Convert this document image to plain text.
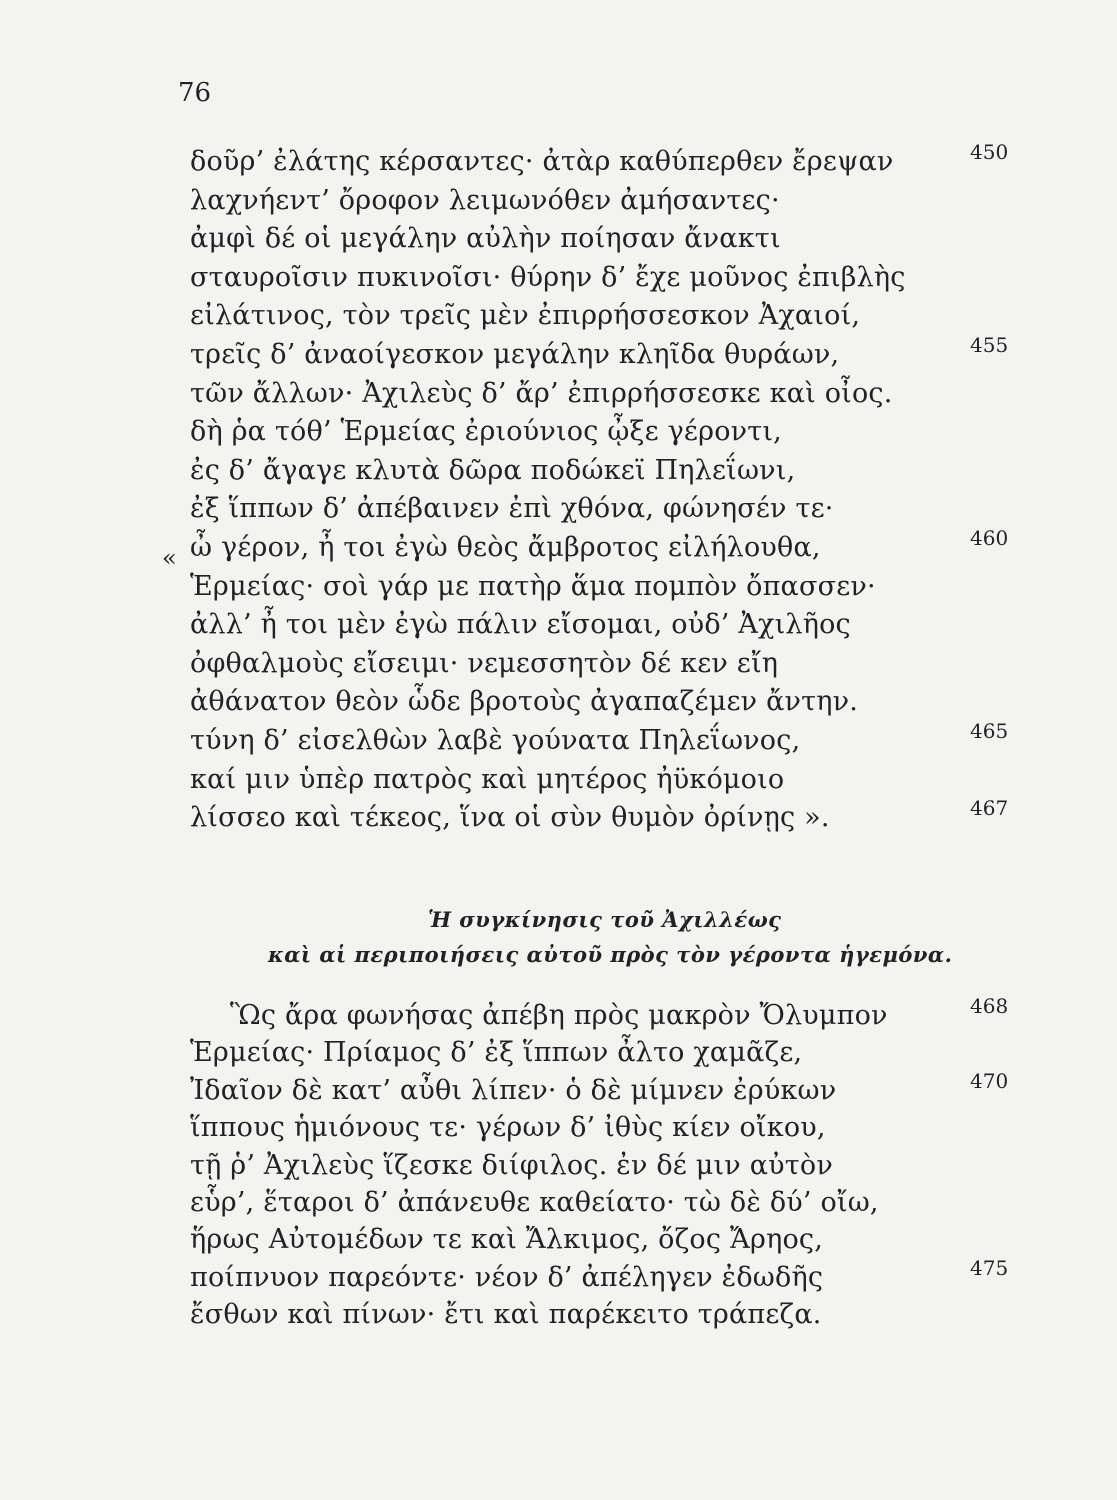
76
«
δοῦρ’ ἐλάτης κέρσαντες· ἀτὰρ καθύπερθεν ἔρεψαν	450
λαχνήεντ’ ὄροφον λειμωνόθεν ἀμήσαντες·
ἀμφὶ δέ οἱ μεγάλην αὐλὴν ποίησαν ἄνακτι
σταυροῖσιν πυκινοῖσι· θύρην δ’ ἔχε μοῦνος ἐπιβλὴς
εἰλάτινος, τὸν τρεῖς μὲν ἐπιρρήσσεσκον Ἀχαιοί,
τρεῖς δ’ ἀναοίγεσκον μεγάλην κληῖδα θυράων,	455
τῶν ἄλλων· Ἀχιλεὺς δ’ ἄρ’ ἐπιρρήσσεσκε καὶ οἶος.
δὴ ῥα τόθ’ Ἑρμείας ἐριούνιος ᾦξε γέροντι,
ἐς δ’ ἄγαγε κλυτὰ δῶρα ποδώκεϊ Πηλεΐωνι,
ἐξ ἵππων δ’ ἀπέβαινεν ἐπὶ χθόνα, φώνησέν τε·
ὦ γέρον, ἦ τοι ἐγὼ θεὸς ἄμβροτος εἰλήλουθα,	460
Ἑρμείας· σοὶ γάρ με πατὴρ ἅμα πομπὸν ὄπασσεν·
ἀλλ’ ἦ τοι μὲν ἐγὼ πάλιν εἴσομαι, οὐδ’ Ἀχιλῆος
ὀφθαλμοὺς εἴσειμι· νεμεσσητὸν δέ κεν εἴη
ἀθάνατον θεὸν ὧδε βροτοὺς ἀγαπαζέμεν ἄντην.
τύνη δ’ εἰσελθὼν λαβὲ γούνατα Πηλεΐωνος,	465
καί μιν ὑπὲρ πατρὸς καὶ μητέρος ἠϋκόμοιο
λίσσεο καὶ τέκεος, ἵνα οἱ σὺν θυμὸν ὀρίνῃς ».	467
Ἡ συγκίνησις τοῦ Ἀχιλλέως
καὶ αἱ περιποιήσεις αὐτοῦ πρὸς τὸν γέροντα ἡγεμόνα.
Ὣς ἄρα φωνήσας ἀπέβη πρὸς μακρὸν Ὄλυμπον	468
Ἑρμείας· Πρίαμος δ’ ἐξ ἵππων ἆλτο χαμᾶζε,
Ἰδαῖον δὲ κατ’ αὖθι λίπεν· ὁ δὲ μίμνεν ἐρύκων	470
ἵππους ἡμιόνους τε· γέρων δ’ ἰθὺς κίεν οἴκου,
τῇ ῥ’ Ἀχιλεὺς ἵζεσκε διίφιλος. ἐν δέ μιν αὐτὸν
εὗρ’, ἕταροι δ’ ἀπάνευθε καθείατο· τὼ δὲ δύ’ οἴω,
ἥρως Αὐτομέδων τε καὶ Ἄλκιμος, ὄζος Ἄρηος,
ποίπνυον παρεόντε· νέον δ’ ἀπέληγεν ἐδωδῆς	475
ἔσθων καὶ πίνων· ἔτι καὶ παρέκειτο τράπεζα.
